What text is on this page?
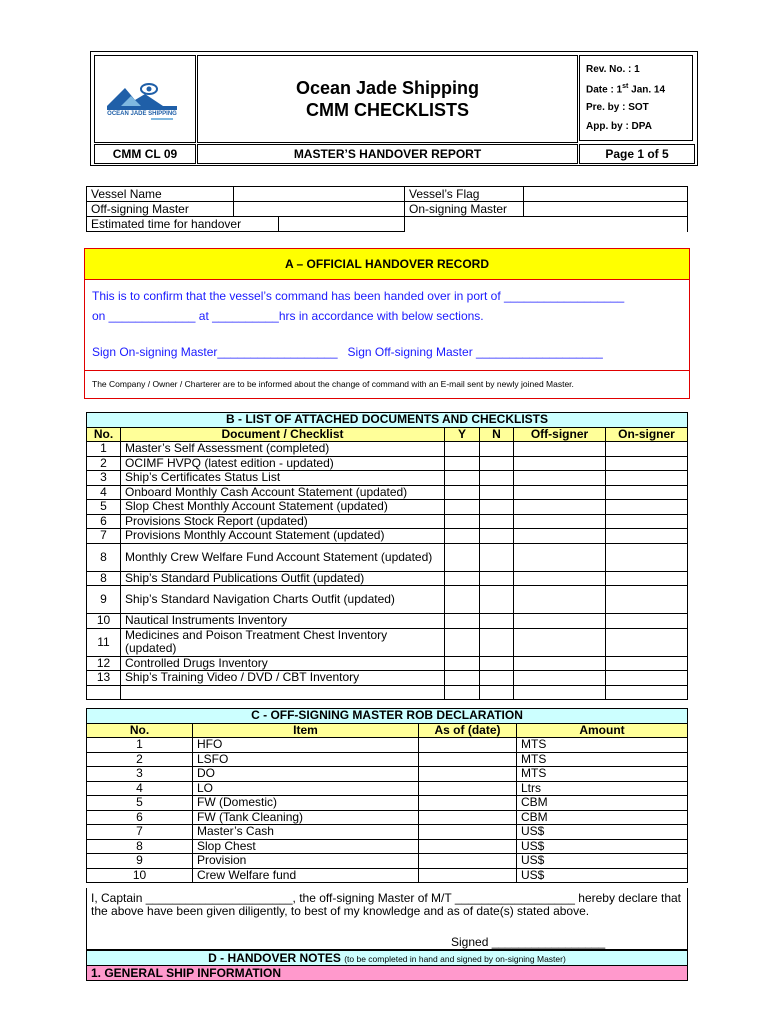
OCEAN JADE SHIPPING
Ocean Jade Shipping
CMM CHECKLISTS
Rev. No. : 1
Date : 1st Jan. 14
Pre. by : SOT
App. by : DPA
CMM CL 09	MASTER’S HANDOVER REPORT	Page 1 of 5
Vessel Name		Vessel’s Flag	
Off-signing Master		On-signing Master	

Estimated time for handover	

A – OFFICIAL HANDOVER RECORD
This is to confirm that the vessel’s command has been handed over in port of __________________
on _____________ at __________hrs in accordance with below sections.
Sign On-signing Master__________________   Sign Off-signing Master ___________________
The Company / Owner / Charterer are to be informed about the change of command with an E-mail sent by newly joined Master.
B - LIST OF ATTACHED DOCUMENTS AND CHECKLISTS					
No.	Document / Checklist	Y	N	Off-signer	On-signer
1	Master’s Self Assessment (completed)				
2	OCIMF HVPQ (latest edition - updated)				
3	Ship’s Certificates Status List				
4	Onboard Monthly Cash Account Statement (updated)				
5	Slop Chest Monthly Account Statement (updated)				
6	Provisions Stock Report (updated)				
7	Provisions Monthly Account Statement (updated)				
8	Monthly Crew Welfare Fund Account Statement (updated)				
8	Ship’s Standard Publications Outfit (updated)				
9	Ship’s Standard Navigation Charts Outfit (updated)				
10	Nautical Instruments Inventory				
11	Medicines and Poison Treatment Chest Inventory (updated)				
12	Controlled Drugs Inventory				
13	Ship’s Training Video / DVD / CBT Inventory				

C - OFF-SIGNING MASTER ROB DECLARATION			
No.	Item	As of (date)	Amount
1	HFO		MTS
2	LSFO		MTS
3	DO		MTS
4	LO		Ltrs
5	FW (Domestic)		CBM
6	FW (Tank Cleaning)		CBM
7	Master’s Cash		US$
8	Slop Chest		US$
9	Provision		US$
10	Crew Welfare fund		US$
I, Captain ______________________, the off-signing Master of M/T __________________ hereby declare that the above have been given diligently, to best of my knowledge and as of date(s) stated above.
Signed _________________
D - HANDOVER NOTES (to be completed in hand and signed by on-signing Master)
1. GENERAL SHIP INFORMATION
